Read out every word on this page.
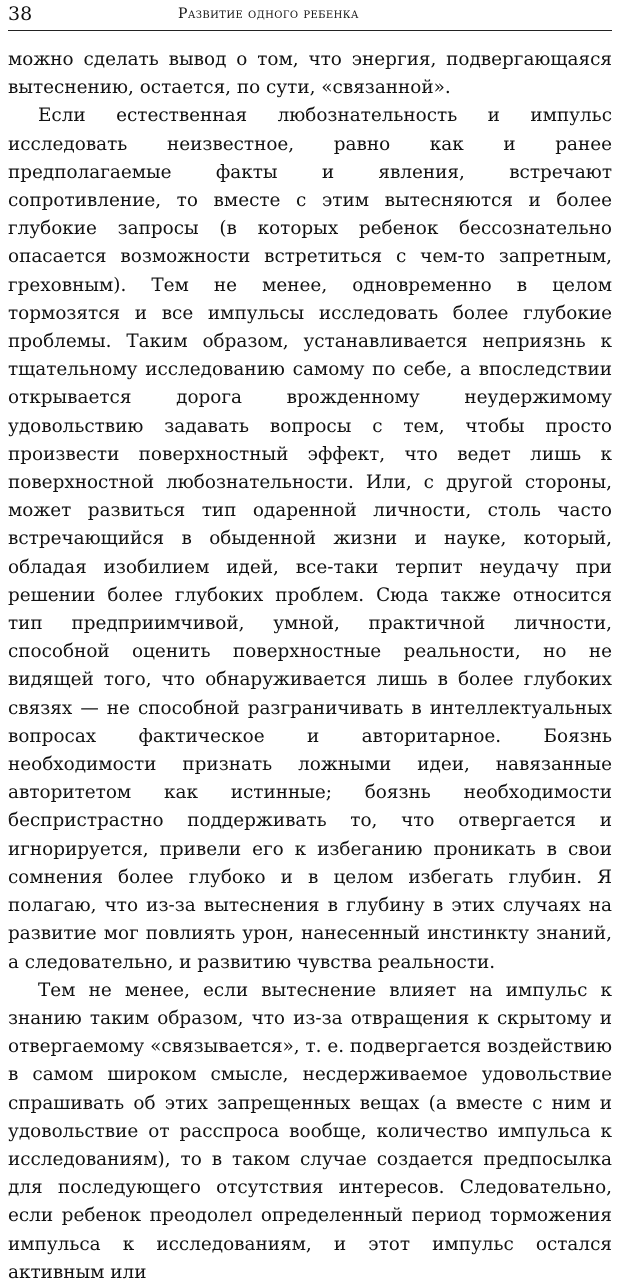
38	Развитие одного ребенка

можно сделать вывод о том, что энергия, подвергающаяся вытеснению, остается, по сути, «связанной».

Если естественная любознательность и импульс исследовать неизвестное, равно как и ранее предполагаемые факты и явления, встречают сопротивление, то вместе с этим вытесняются и более глубокие запросы (в которых ребенок бессознательно опасается возможности встретиться с чем-то запретным, греховным). Тем не менее, одновременно в целом тормозятся и все импульсы исследовать более глубокие проблемы. Таким образом, устанавливается неприязнь к тщательному исследованию самому по себе, а впоследствии открывается дорога врожденному неудержимому удовольствию задавать вопросы с тем, чтобы просто произвести поверхностный эффект, что ведет лишь к поверхностной любознательности. Или, с другой стороны, может развиться тип одаренной личности, столь часто встречающийся в обыденной жизни и науке, который, обладая изобилием идей, все-таки терпит неудачу при решении более глубоких проблем. Сюда также относится тип предприимчивой, умной, практичной личности, способной оценить поверхностные реальности, но не видящей того, что обнаруживается лишь в более глубоких связях — не способной разграничивать в интеллектуальных вопросах фактическое и авторитарное. Боязнь необходимости признать ложными идеи, навязанные авторитетом как истинные; боязнь необходимости беспристрастно поддерживать то, что отвергается и игнорируется, привели его к избеганию проникать в свои сомнения более глубоко и в целом избегать глубин. Я полагаю, что из-за вытеснения в глубину в этих случаях на развитие мог повлиять урон, нанесенный инстинкту знаний, а следовательно, и развитию чувства реальности.

Тем не менее, если вытеснение влияет на импульс к знанию таким образом, что из-за отвращения к скрытому и отвергаемому «связывается», т. е. подвергается воздействию в самом широком смысле, несдерживаемое удовольствие спрашивать об этих запрещенных вещах (а вместе с ним и удовольствие от расспроса вообще, количество импульса к исследованиям), то в таком случае создается предпосылка для последующего отсутствия интересов. Следовательно, если ребенок преодолел определенный период торможения импульса к исследованиям, и этот импульс остался активным или
